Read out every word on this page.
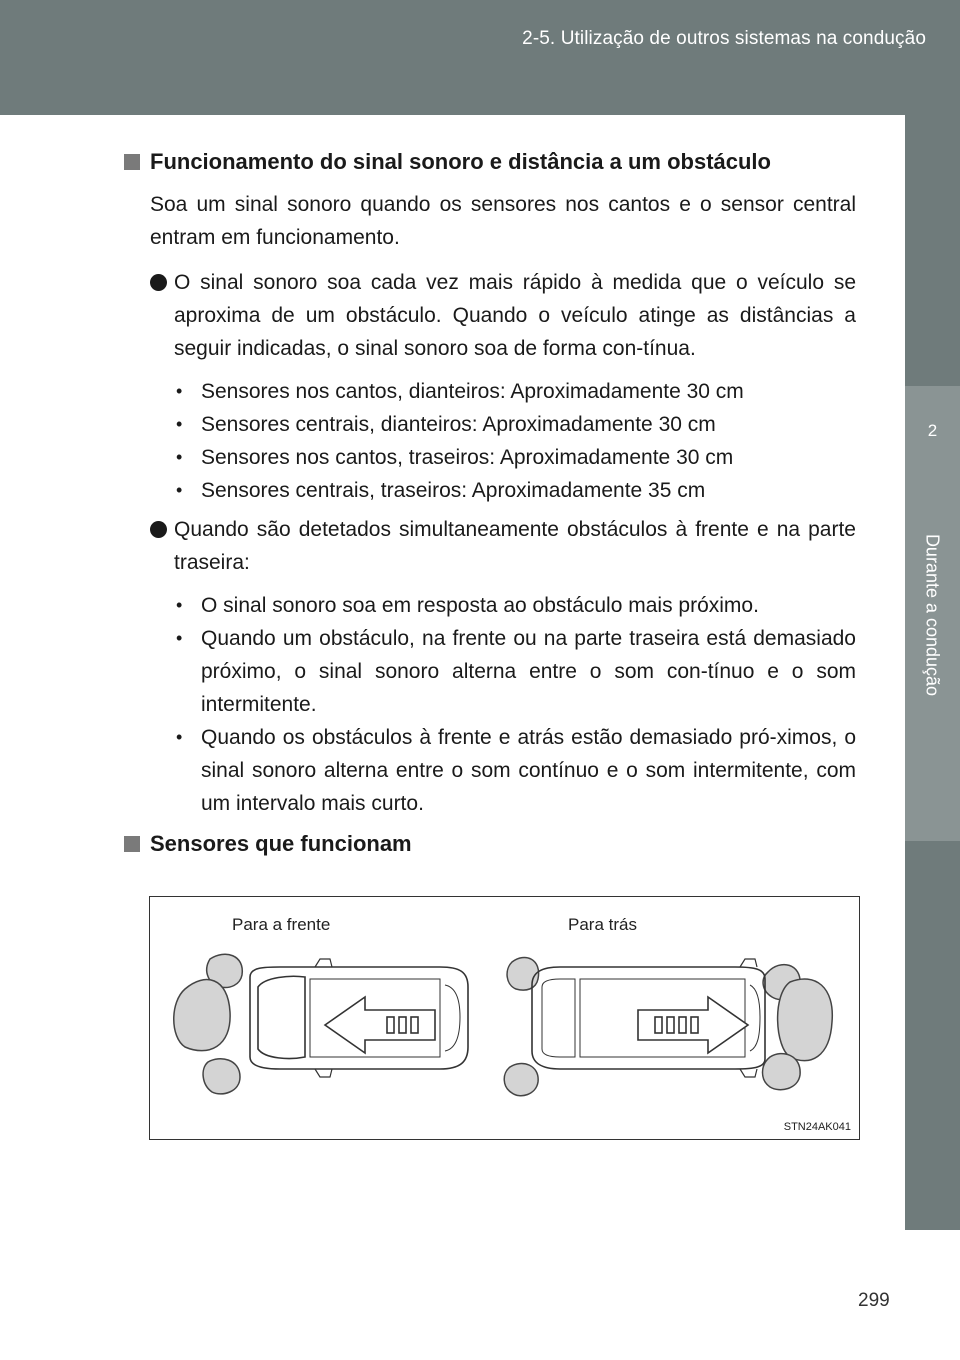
2-5. Utilização de outros sistemas na condução
2
Durante a condução
Funcionamento do sinal sonoro e distância a um obstáculo

Soa um sinal sonoro quando os sensores nos cantos e o sensor central entram em funcionamento.

O sinal sonoro soa cada vez mais rápido à medida que o veículo se aproxima de um obstáculo. Quando o veículo atinge as distâncias a seguir indicadas, o sinal sonoro soa de forma con-tínua.
• Sensores nos cantos, dianteiros: Aproximadamente 30 cm
• Sensores centrais, dianteiros: Aproximadamente 30 cm
• Sensores nos cantos, traseiros: Aproximadamente 30 cm
• Sensores centrais, traseiros: Aproximadamente 35 cm
Quando são detetados simultaneamente obstáculos à frente e na parte traseira:
• O sinal sonoro soa em resposta ao obstáculo mais próximo.
• Quando um obstáculo, na frente ou na parte traseira está demasiado próximo, o sinal sonoro alterna entre o som con-tínuo e o som intermitente.
• Quando os obstáculos à frente e atrás estão demasiado pró-ximos, o sinal sonoro alterna entre o som contínuo e o som intermitente, com um intervalo mais curto.
Sensores que funcionam
Para a frente	Para trás
STN24AK041
299
